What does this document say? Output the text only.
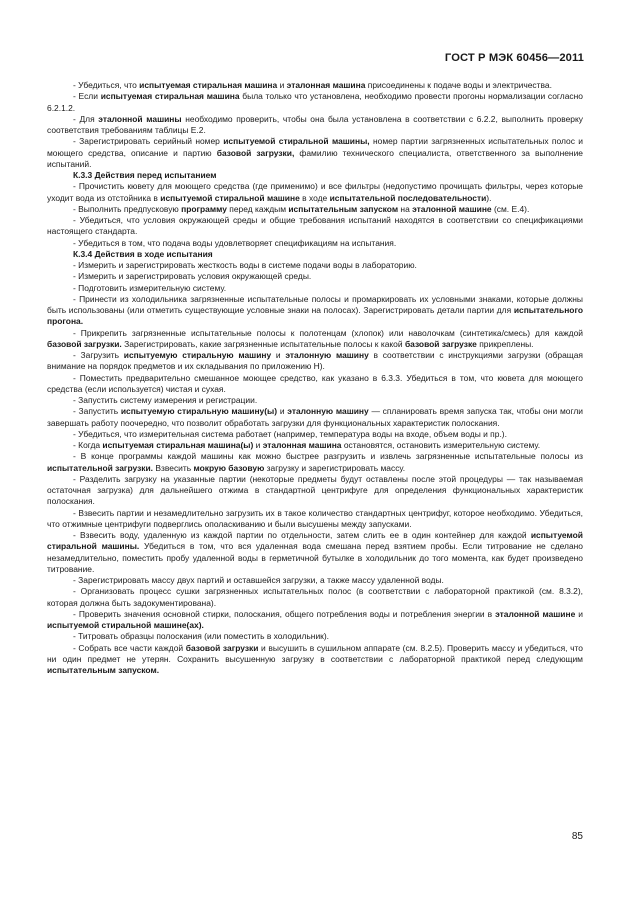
ГОСТ Р МЭК 60456—2011

- Убедиться, что испытуемая стиральная машина и эталонная машина присоединены к подаче воды и электричества.

- Если испытуемая стиральная машина была только что установлена, необходимо провести прогоны нормализации согласно 6.2.1.2.

- Для эталонной машины необходимо проверить, чтобы она была установлена в соответствии с 6.2.2, выполнить проверку соответствия требованиям таблицы Е.2.

- Зарегистрировать серийный номер испытуемой стиральной машины, номер партии загрязненных испытательных полос и моющего средства, описание и партию базовой загрузки, фамилию технического специалиста, ответственного за выполнение испытаний.

К.3.3 Действия перед испытанием

- Прочистить кювету для моющего средства (где применимо) и все фильтры (недопустимо прочищать фильтры, через которые уходит вода из отстойника в испытуемой стиральной машине в ходе испытательной последовательности).

- Выполнить предпусковую программу перед каждым испытательным запуском на эталонной машине (см. Е.4).

- Убедиться, что условия окружающей среды и общие требования испытаний находятся в соответствии со спецификациями настоящего стандарта.

- Убедиться в том, что подача воды удовлетворяет спецификациям на испытания.

К.3.4 Действия в ходе испытания

- Измерить и зарегистрировать жесткость воды в системе подачи воды в лабораторию.

- Измерить и зарегистрировать условия окружающей среды.

- Подготовить измерительную систему.

- Принести из холодильника загрязненные испытательные полосы и промаркировать их условными знаками, которые должны быть использованы (или отметить существующие условные знаки на полосах). Зарегистрировать детали партии для испытательного прогона.

- Прикрепить загрязненные испытательные полосы к полотенцам (хлопок) или наволочкам (синтетика/смесь) для каждой базовой загрузки. Зарегистрировать, какие загрязненные испытательные полосы к какой базовой загрузке прикреплены.

- Загрузить испытуемую стиральную машину и эталонную машину в соответствии с инструкциями загрузки (обращая внимание на порядок предметов и их складывания по приложению Н).

- Поместить предварительно смешанное моющее средство, как указано в 6.3.3. Убедиться в том, что кювета для моющего средства (если используется) чистая и сухая.

- Запустить систему измерения и регистрации.

- Запустить испытуемую стиральную машину(ы) и эталонную машину — спланировать время запуска так, чтобы они могли завершать работу поочередно, что позволит обработать загрузки для функциональных характеристик полоскания.

- Убедиться, что измерительная система работает (например, температура воды на входе, объем воды и пр.).

- Когда испытуемая стиральная машина(ы) и эталонная машина остановятся, остановить измерительную систему.

- В конце программы каждой машины как можно быстрее разгрузить и извлечь загрязненные испытательные полосы из испытательной загрузки. Взвесить мокрую базовую загрузку и зарегистрировать массу.

- Разделить загрузку на указанные партии (некоторые предметы будут оставлены после этой процедуры — так называемая остаточная загрузка) для дальнейшего отжима в стандартной центрифуге для определения функциональных характеристик полоскания.

- Взвесить партии и незамедлительно загрузить их в такое количество стандартных центрифуг, которое необходимо. Убедиться, что отжимные центрифуги подверглись ополаскиванию и были высушены между запусками.

- Взвесить воду, удаленную из каждой партии по отдельности, затем слить ее в один контейнер для каждой испытуемой стиральной машины. Убедиться в том, что вся удаленная вода смешана перед взятием пробы. Если титрование не сделано незамедлительно, поместить пробу удаленной воды в герметичной бутылке в холодильник до того момента, как будет произведено титрование.

- Зарегистрировать массу двух партий и оставшейся загрузки, а также массу удаленной воды.

- Организовать процесс сушки загрязненных испытательных полос (в соответствии с лабораторной практикой (см. 8.3.2), которая должна быть задокументирована).

- Проверить значения основной стирки, полоскания, общего потребления воды и потребления энергии в эталонной машине и испытуемой стиральной машине(ах).

- Титровать образцы полоскания (или поместить в холодильник).

- Собрать все части каждой базовой загрузки и высушить в сушильном аппарате (см. 8.2.5). Проверить массу и убедиться, что ни один предмет не утерян. Сохранить высушенную загрузку в соответствии с лабораторной практикой перед следующим испытательным запуском.

85
